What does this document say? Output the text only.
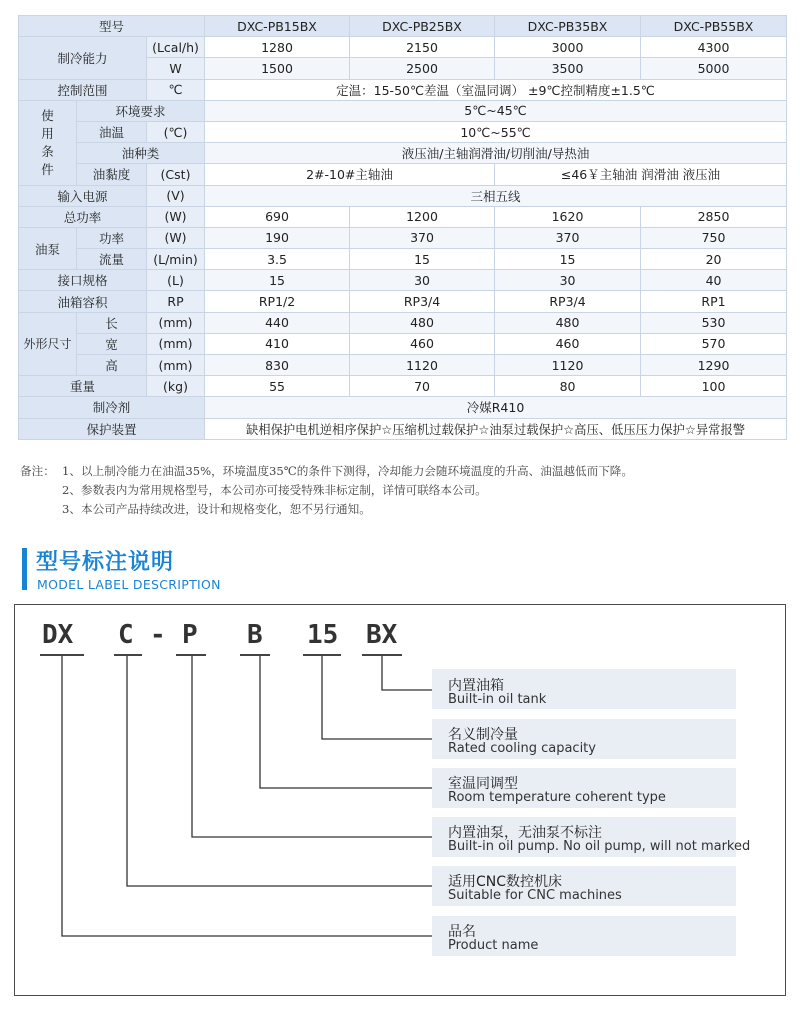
型号			DXC-PB15BX	DXC-PB25BX	DXC-PB35BX	DXC-PB55BX
制冷能力		(Lcal/h)	1280	2150	3000	4300
		W	1500	2500	3500	5000
控制范围		℃	定温：15-50℃差温（室温同调） ±9℃控制精度±1.5℃			
使用条件	环境要求		5℃~45℃			
	油温	(℃)	10℃~55℃			
	油种类		液压油/主轴润滑油/切削油/导热油			
	油黏度	(Cst)	2#-10#主轴油		≤46￥主轴油 润滑油 液压油	
输入电源		(V)	三相五线			
总功率		(W)	690	1200	1620	2850
油泵	功率	(W)	190	370	370	750
	流量	(L/min)	3.5	15	15	20
接口规格		(L)	15	30	30	40
油箱容积		RP	RP1/2	RP3/4	RP3/4	RP1
外形尺寸	长	(mm)	440	480	480	530
	宽	(mm)	410	460	460	570
	高	(mm)	830	1120	1120	1290
重量		(kg)	55	70	80	100
制冷剂			冷媒R410			
保护装置			缺相保护电机逆相序保护☆压缩机过载保护☆油泵过载保护☆高压、低压压力保护☆异常报警			
备注： 1、以上制冷能力在油温35%，环境温度35℃的条件下测得，冷却能力会随环境温度的升高、油温越低而下降。
2、参数表内为常用规格型号，本公司亦可接受特殊非标定制，详情可联络本公司。
3、本公司产品持续改进，设计和规格变化，恕不另行通知。
型号标注说明
MODEL LABEL DESCRIPTION
DX C - P B 15 BX
内置油箱
Built-in oil tank
名义制冷量
Rated cooling capacity
室温同调型
Room temperature coherent type
内置油泵，无油泵不标注
Built-in oil pump. No oil pump, will not marked
适用CNC数控机床
Suitable for CNC machines
品名
Product name
